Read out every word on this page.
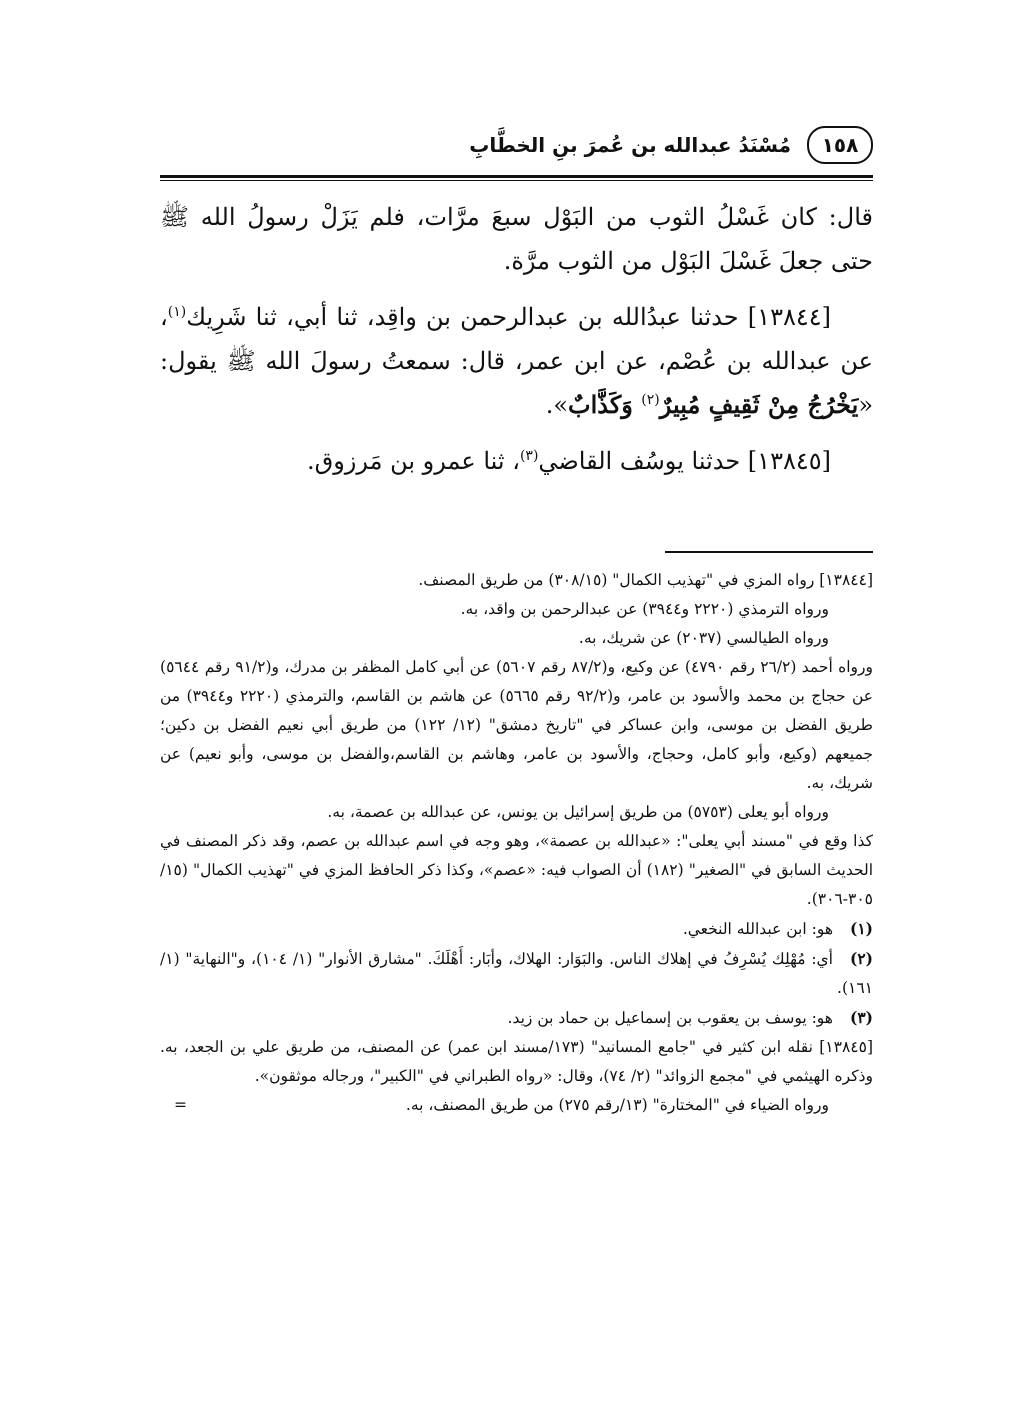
١٥٨
مُسْنَدُ عبدالله بن عُمرَ بنِ الخطَّابِ

قال: كان غَسْلُ الثوب من البَوْل سبعَ مرَّات، فلم يَزَلْ رسولُ الله ﷺ حتى جعلَ غَسْلَ البَوْل من الثوب مرَّة.

[١٣٨٤٤] حدثنا عبدُالله بن عبدالرحمن بن واقِد، ثنا أبي، ثنا شَرِيك$^{(١)}$، عن عبدالله بن عُصْم، عن ابن عمر، قال: سمعتُ رسولَ الله ﷺ يقول: «يَخْرُجُ مِنْ ثَقِيفٍ مُبِيرٌ$^{(٢)}$ وَكَذَّابٌ».

[١٣٨٤٥] حدثنا يوسُف القاضي$^{(٣)}$، ثنا عمرو بن مَرزوق.

[١٣٨٤٤] رواه المزي في "تهذيب الكمال" (٣٠٨/١٥) من طريق المصنف.

ورواه الترمذي (٢٢٢٠ و٣٩٤٤) عن عبدالرحمن بن واقد، به.

ورواه الطيالسي (٢٠٣٧) عن شريك، به.

ورواه أحمد (٢٦/٢ رقم ٤٧٩٠) عن وكيع، و(٨٧/٢ رقم ٥٦٠٧) عن أبي كامل المظفر بن مدرك، و(٩١/٢ رقم ٥٦٤٤) عن حجاج بن محمد والأسود بن عامر، و(٩٢/٢ رقم ٥٦٦٥) عن هاشم بن القاسم، والترمذي (٢٢٢٠ و٣٩٤٤) من طريق الفضل بن موسى، وابن عساكر في "تاريخ دمشق" (١٢/ ١٢٢) من طريق أبي نعيم الفضل بن دكين؛ جميعهم (وكيع، وأبو كامل، وحجاج، والأسود بن عامر، وهاشم بن القاسم،والفضل بن موسى، وأبو نعيم) عن شريك، به.

ورواه أبو يعلى (٥٧٥٣) من طريق إسرائيل بن يونس، عن عبدالله بن عصمة، به.

كذا وقع في "مسند أبي يعلى": «عبدالله بن عصمة»، وهو وجه في اسم عبدالله بن عصم، وقد ذكر المصنف في الحديث السابق في "الصغير" (١٨٢) أن الصواب فيه: «عصم»، وكذا ذكر الحافظ المزي في "تهذيب الكمال" (١٥/ ٣٠٥-٣٠٦).

(١)هو: ابن عبدالله النخعي.

(٢)أي: مُهْلِك يُسْرِفُ في إهلاك الناس. والبَوَار: الهلاك، وأبَار: أَهْلَكَ. "مشارق الأنوار" (١/ ١٠٤)، و"النهاية" (١/ ١٦١).

(٣)هو: يوسف بن يعقوب بن إسماعيل بن حماد بن زيد.

[١٣٨٤٥] نقله ابن كثير في "جامع المسانيد" (١٧٣/مسند ابن عمر) عن المصنف، من طريق علي بن الجعد، به. وذكره الهيثمي في "مجمع الزوائد" (٢/ ٧٤)، وقال: «رواه الطبراني في "الكبير"، ورجاله موثقون».

=	ورواه الضياء في "المختارة" (١٣/رقم ٢٧٥) من طريق المصنف، به.
